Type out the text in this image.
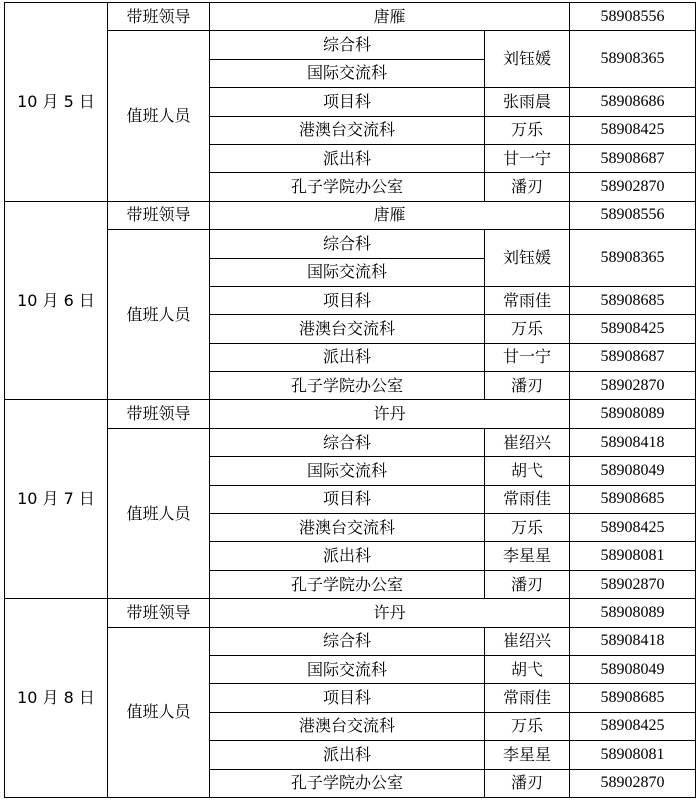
10 月 5 日	带班领导	唐雁		58908556
	值班人员	综合科	刘钰媛	58908365
		国际交流科		
		项目科	张雨晨	58908686
		港澳台交流科	万乐	58908425
		派出科	甘一宁	58908687
		孔子学院办公室	潘刃	58902870
10 月 6 日	带班领导	唐雁		58908556
	值班人员	综合科	刘钰媛	58908365
		国际交流科		
		项目科	常雨佳	58908685
		港澳台交流科	万乐	58908425
		派出科	甘一宁	58908687
		孔子学院办公室	潘刃	58902870
10 月 7 日	带班领导	许丹		58908089
	值班人员	综合科	崔绍兴	58908418
		国际交流科	胡弋	58908049
		项目科	常雨佳	58908685
		港澳台交流科	万乐	58908425
		派出科	李星星	58908081
		孔子学院办公室	潘刃	58902870
10 月 8 日	带班领导	许丹		58908089
	值班人员	综合科	崔绍兴	58908418
		国际交流科	胡弋	58908049
		项目科	常雨佳	58908685
		港澳台交流科	万乐	58908425
		派出科	李星星	58908081
		孔子学院办公室	潘刃	58902870
